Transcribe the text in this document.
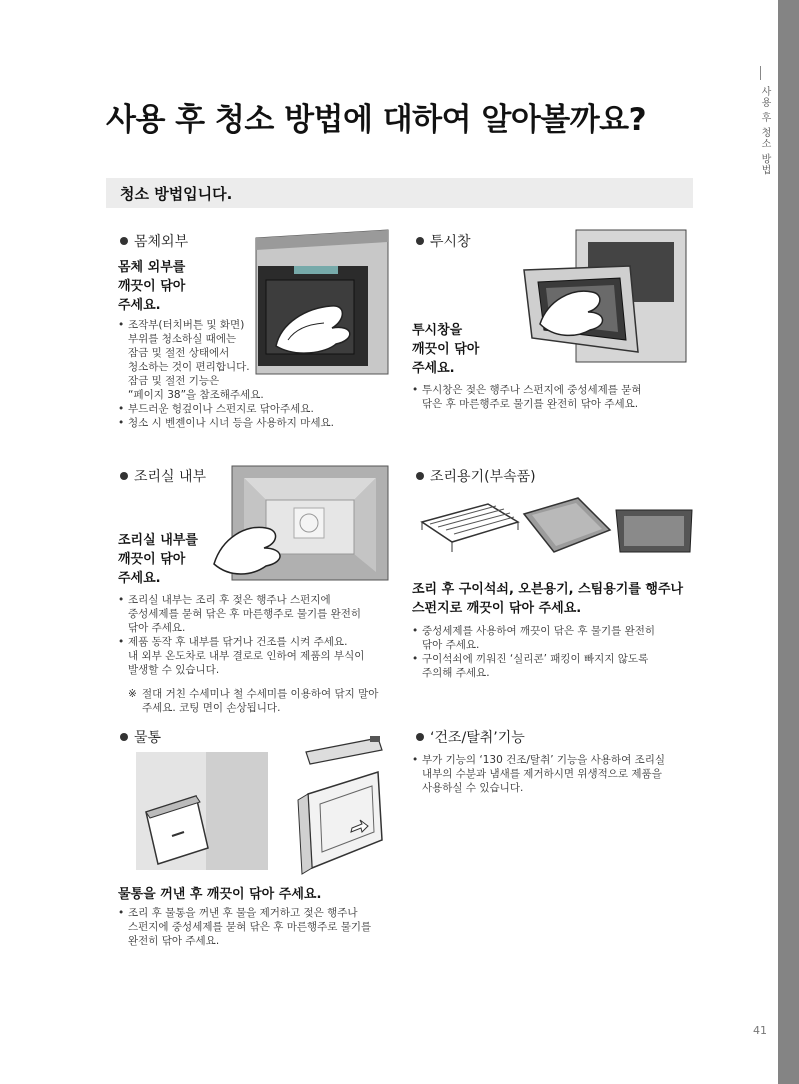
사용 후 청소 방법
사용 후 청소 방법에 대하여 알아볼까요?
청소 방법입니다.
몸체외부

몸체 외부를
깨끗이 닦아
주세요.

• 조작부(터치버튼 및 화면)
부위를 청소하실 때에는
잠금 및 절전 상태에서
청소하는 것이 편리합니다.
잠금 및 절전 기능은
“페이지 38”을 참조해주세요.
• 부드러운 헝겊이나 스펀지로 닦아주세요.
• 청소 시 벤젠이나 시너 등을 사용하지 마세요.
투시창

투시창을
깨끗이 닦아
주세요.

• 투시창은 젖은 행주나 스펀지에 중성세제를 묻혀
닦은 후 마른행주로 물기를 완전히 닦아 주세요.
조리실 내부

조리실 내부를
깨끗이 닦아
주세요.

• 조리실 내부는 조리 후 젖은 행주나 스펀지에
중성세제를 묻혀 닦은 후 마른행주로 물기를 완전히
닦아 주세요.
• 제품 동작 후 내부를 닦거나 건조를 시켜 주세요.
내 외부 온도차로 내부 결로로 인하여 제품의 부식이
발생할 수 있습니다.

※ 절대 거친 수세미나 철 수세미를 이용하여 닦지 말아
주세요. 코팅 면이 손상됩니다.

조리용기(부속품)

조리 후 구이석쇠, 오븐용기, 스팀용기를 행주나
스펀지로 깨끗이 닦아 주세요.

• 중성세제를 사용하여 깨끗이 닦은 후 물기를 완전히
닦아 주세요.
• 구이석쇠에 끼워진 ‘실리콘’ 패킹이 빠지지 않도록
주의해 주세요.
물통

물통을 꺼낸 후 깨끗이 닦아 주세요.

• 조리 후 물통을 꺼낸 후 물을 제거하고 젖은 행주나
스펀지에 중성세제를 묻혀 닦은 후 마른행주로 물기를
완전히 닦아 주세요.
‘건조/탈취’기능
• 부가 기능의 ‘130 건조/탈취’ 기능을 사용하여 조리실
내부의 수분과 냄새를 제거하시면 위생적으로 제품을
사용하실 수 있습니다.
41
